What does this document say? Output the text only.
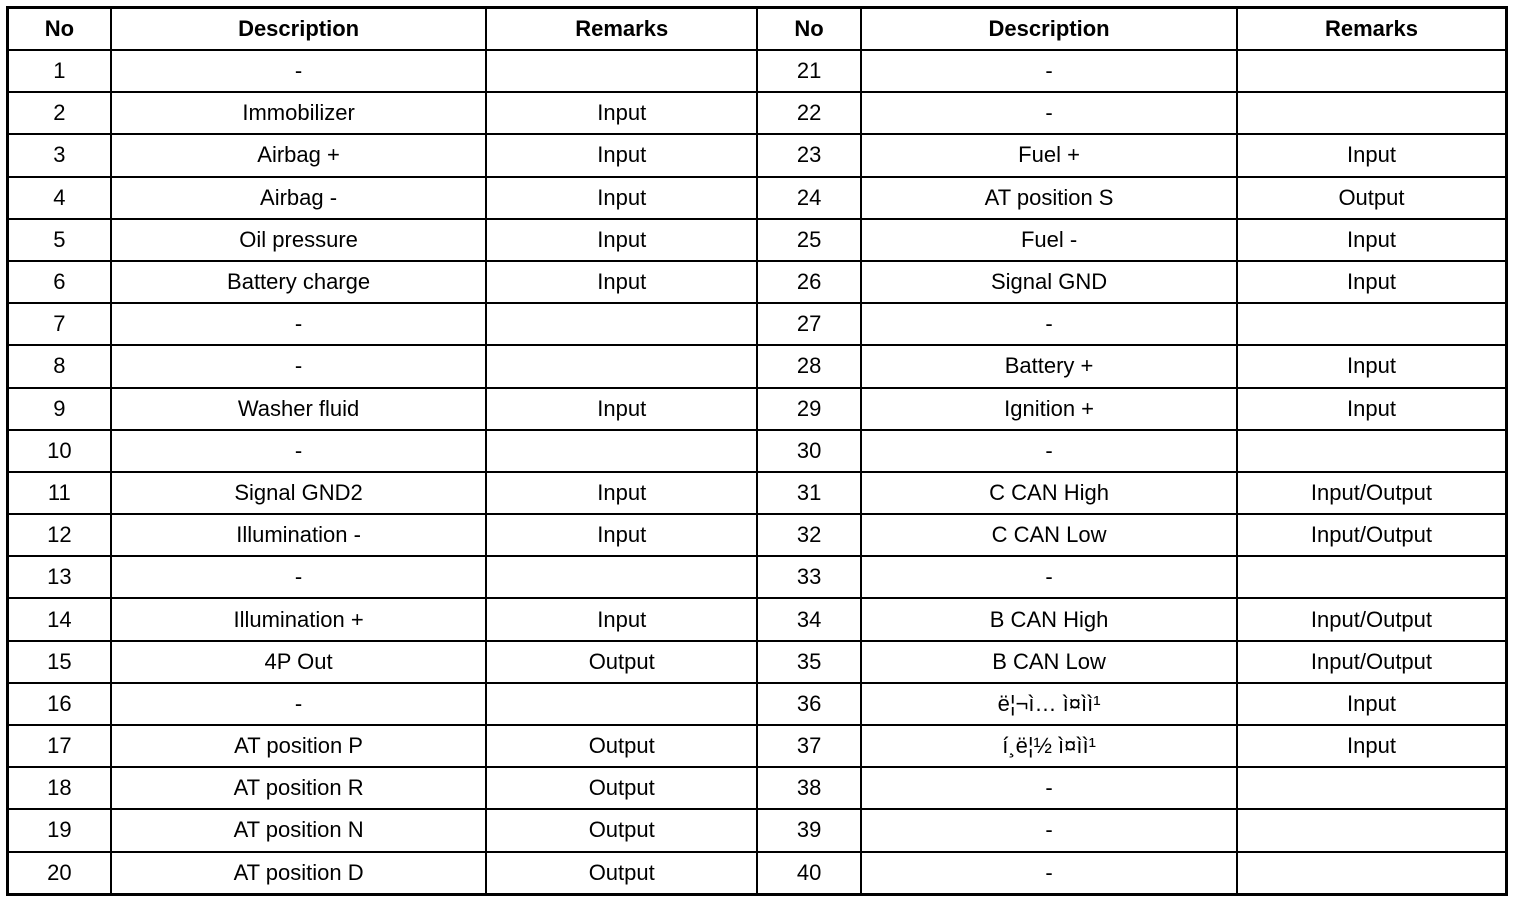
No	Description	Remarks	No	Description	Remarks
1	-		21	-	
2	Immobilizer	Input	22	-	
3	Airbag +	Input	23	Fuel +	Input
4	Airbag -	Input	24	AT position S	Output
5	Oil pressure	Input	25	Fuel -	Input
6	Battery charge	Input	26	Signal GND	Input
7	-		27	-	
8	-		28	Battery +	Input
9	Washer fluid	Input	29	Ignition +	Input
10	-		30	-	
11	Signal GND2	Input	31	C CAN High	Input/Output
12	Illumination -	Input	32	C CAN Low	Input/Output
13	-		33	-	
14	Illumination +	Input	34	B CAN High	Input/Output
15	4P Out	Output	35	B CAN Low	Input/Output
16	-		36	ë¦¬ì… ì¤ìì¹	Input
17	AT position P	Output	37	í¸ë¦½ ì¤ìì¹	Input
18	AT position R	Output	38	-	
19	AT position N	Output	39	-	
20	AT position D	Output	40	-	
